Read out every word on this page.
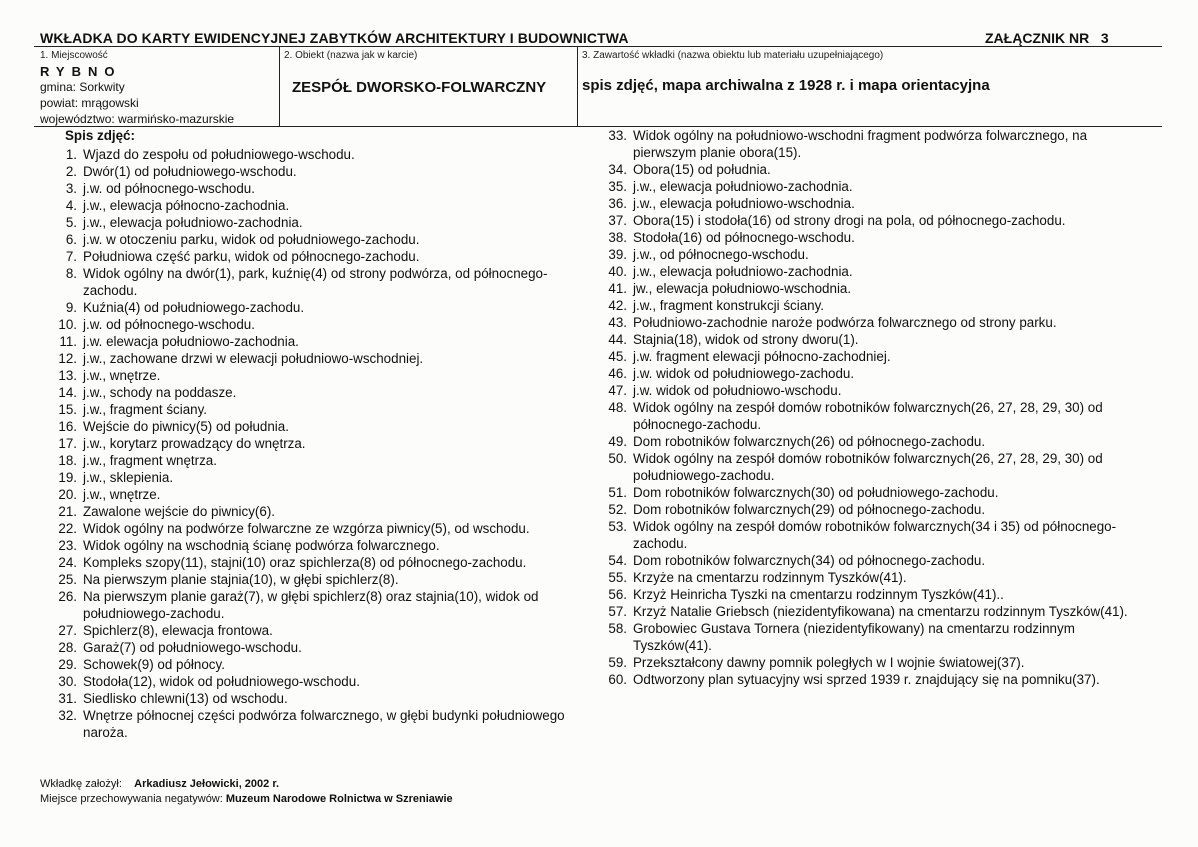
WKŁADKA DO KARTY EWIDENCYJNEJ ZABYTKÓW ARCHITEKTURY I BUDOWNICTWA	ZAŁĄCZNIK NR   3
1. Miejscowość
RYBNO
gmina: Sorkwity
powiat: mrągowski
województwo: warmińsko-mazurskie
2. Obiekt (nazwa jak w karcie)
ZESPÓŁ DWORSKO-FOLWARCZNY
3. Zawartość wkładki (nazwa obiektu lub materiału uzupełniającego)
spis zdjęć, mapa archiwalna z 1928 r. i mapa orientacyjna
Spis zdjęć:
1. Wjazd do zespołu od południowego-wschodu.
2. Dwór(1) od południowego-wschodu.
3. j.w. od północnego-wschodu.
4. j.w., elewacja północno-zachodnia.
5. j.w., elewacja południowo-zachodnia.
6. j.w. w otoczeniu parku, widok od południowego-zachodu.
7. Południowa część parku, widok od północnego-zachodu.
8. Widok ogólny na dwór(1), park, kuźnię(4) od strony podwórza, od północnego-zachodu.
9. Kuźnia(4) od południowego-zachodu.
10. j.w. od północnego-wschodu.
11. j.w. elewacja południowo-zachodnia.
12. j.w., zachowane drzwi w elewacji południowo-wschodniej.
13. j.w., wnętrze.
14. j.w., schody na poddasze.
15. j.w., fragment ściany.
16. Wejście do piwnicy(5) od południa.
17. j.w., korytarz prowadzący do wnętrza.
18. j.w., fragment wnętrza.
19. j.w., sklepienia.
20. j.w., wnętrze.
21. Zawalone wejście do piwnicy(6).
22. Widok ogólny na podwórze folwarczne ze wzgórza piwnicy(5), od wschodu.
23. Widok ogólny na wschodnią ścianę podwórza folwarcznego.
24. Kompleks szopy(11), stajni(10) oraz spichlerza(8) od północnego-zachodu.
25. Na pierwszym planie stajnia(10), w głębi spichlerz(8).
26. Na pierwszym planie garaż(7), w głębi spichlerz(8) oraz stajnia(10), widok od południowego-zachodu.
27. Spichlerz(8), elewacja frontowa.
28. Garaż(7) od południowego-wschodu.
29. Schowek(9) od północy.
30. Stodoła(12), widok od południowego-wschodu.
31. Siedlisko chlewni(13) od wschodu.
32. Wnętrze północnej części podwórza folwarcznego, w głębi budynki południowego naroża.
33. Widok ogólny na południowo-wschodni fragment podwórza folwarcznego, na pierwszym planie obora(15).
34. Obora(15) od południa.
35. j.w., elewacja południowo-zachodnia.
36. j.w., elewacja południowo-wschodnia.
37. Obora(15) i stodoła(16) od strony drogi na pola, od północnego-zachodu.
38. Stodoła(16) od północnego-wschodu.
39. j.w., od północnego-wschodu.
40. j.w., elewacja południowo-zachodnia.
41. jw., elewacja południowo-wschodnia.
42. j.w., fragment konstrukcji ściany.
43. Południowo-zachodnie naroże podwórza folwarcznego od strony parku.
44. Stajnia(18), widok od strony dworu(1).
45. j.w. fragment elewacji północno-zachodniej.
46. j.w. widok od południowego-zachodu.
47. j.w. widok od południowo-wschodu.
48. Widok ogólny na zespół domów robotników folwarcznych(26, 27, 28, 29, 30) od północnego-zachodu.
49. Dom robotników folwarcznych(26) od północnego-zachodu.
50. Widok ogólny na zespół domów robotników folwarcznych(26, 27, 28, 29, 30) od południowego-zachodu.
51. Dom robotników folwarcznych(30) od południowego-zachodu.
52. Dom robotników folwarcznych(29) od północnego-zachodu.
53. Widok ogólny na zespół domów robotników folwarcznych(34 i 35) od północnego-zachodu.
54. Dom robotników folwarcznych(34) od północnego-zachodu.
55. Krzyże na cmentarzu rodzinnym Tyszków(41).
56. Krzyż Heinricha Tyszki na cmentarzu rodzinnym Tyszków(41)..
57. Krzyż Natalie Griebsch (niezidentyfikowana) na cmentarzu rodzinnym Tyszków(41).
58. Grobowiec Gustava Tornera (niezidentyfikowany) na cmentarzu rodzinnym Tyszków(41).
59. Przekształcony dawny pomnik poległych w I wojnie światowej(37).
60. Odtworzony plan sytuacyjny wsi sprzed 1939 r. znajdujący się na pomniku(37).
Wkładkę założył: Arkadiusz Jełowicki, 2002 r.
Miejsce przechowywania negatywów: Muzeum Narodowe Rolnictwa w Szreniawie
